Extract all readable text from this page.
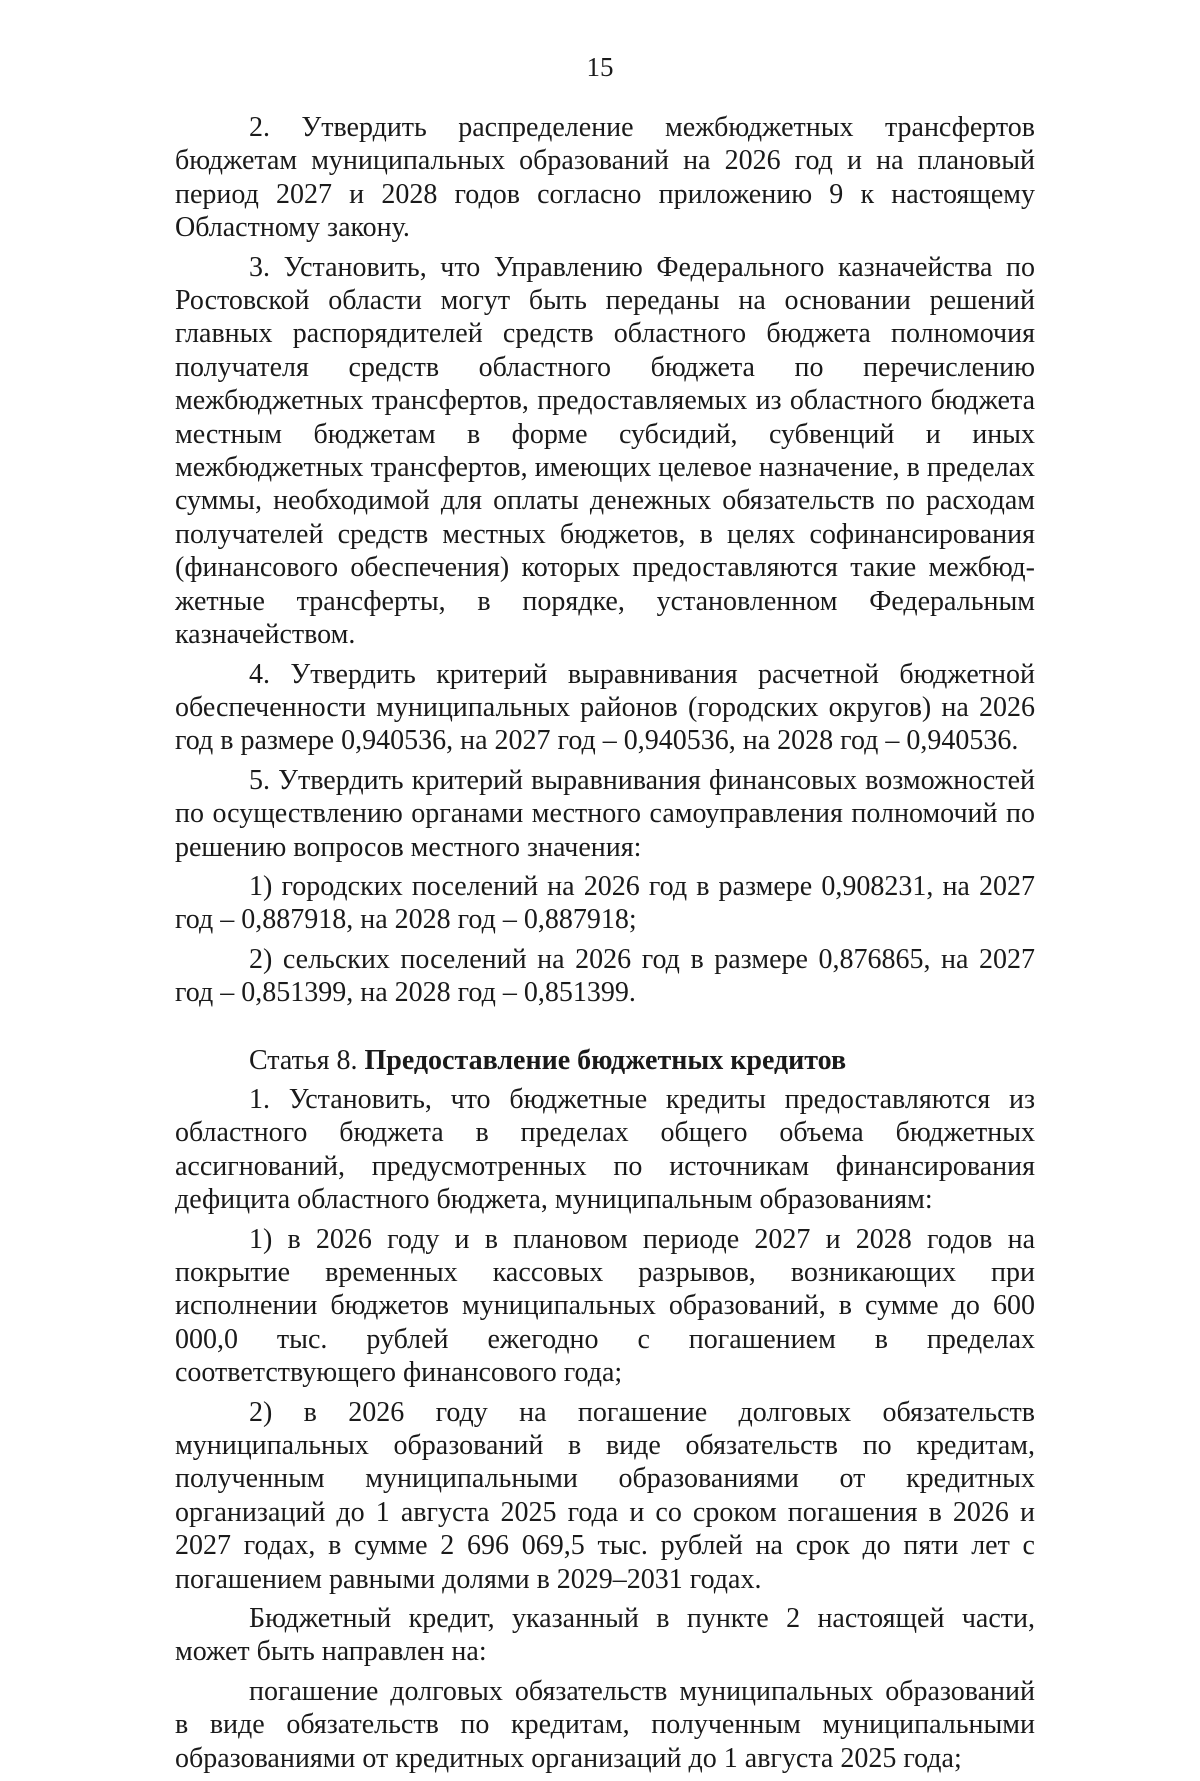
15

2. Утвердить распределение межбюджетных трансфертов бюджетам муниципальных образований на 2026 год и на плановый период 2027 и 2028 годов согласно приложению 9 к настоящему Областному закону.

3. Установить, что Управлению Федерального казначейства по Ростовской области могут быть переданы на основании решений главных распорядителей средств областного бюджета полномочия получателя средств областного бюджета по перечислению межбюджетных трансфертов, предоставляемых из областного бюджета местным бюджетам в форме субсидий, субвенций и иных межбюджетных трансфертов, имеющих целевое назначение, в пределах суммы, необходимой для оплаты денежных обязательств по расходам получателей средств местных бюджетов, в целях софинансирования (финансового обеспечения) которых предоставляются такие межбюджетные трансферты, в порядке, установленном Федеральным казначейством.

4. Утвердить критерий выравнивания расчетной бюджетной обеспеченности муниципальных районов (городских округов) на 2026 год в размере 0,940536, на 2027 год – 0,940536, на 2028 год – 0,940536.

5. Утвердить критерий выравнивания финансовых возможностей по осуществлению органами местного самоуправления полномочий по решению вопросов местного значения:

1) городских поселений на 2026 год в размере 0,908231, на 2027 год – 0,887918, на 2028 год – 0,887918;

2) сельских поселений на 2026 год в размере 0,876865, на 2027 год – 0,851399, на 2028 год – 0,851399.

Статья 8. Предоставление бюджетных кредитов

1. Установить, что бюджетные кредиты предоставляются из областного бюджета в пределах общего объема бюджетных ассигнований, предусмотренных по источникам финансирования дефицита областного бюджета, муниципальным образованиям:

1) в 2026 году и в плановом периоде 2027 и 2028 годов на покрытие временных кассовых разрывов, возникающих при исполнении бюджетов муниципальных образований, в сумме до 600 000,0 тыс. рублей ежегодно с погашением в пределах соответствующего финансового года;

2) в 2026 году на погашение долговых обязательств муниципальных образований в виде обязательств по кредитам, полученным муниципальными образованиями от кредитных организаций до 1 августа 2025 года и со сроком погашения в 2026 и 2027 годах, в сумме 2 696 069,5 тыс. рублей на срок до пяти лет с погашением равными долями в 2029–2031 годах.

Бюджетный кредит, указанный в пункте 2 настоящей части, может быть направлен на:

погашение долговых обязательств муниципальных образований в виде обязательств по кредитам, полученным муниципальными образованиями от кредитных организаций до 1 августа 2025 года;
